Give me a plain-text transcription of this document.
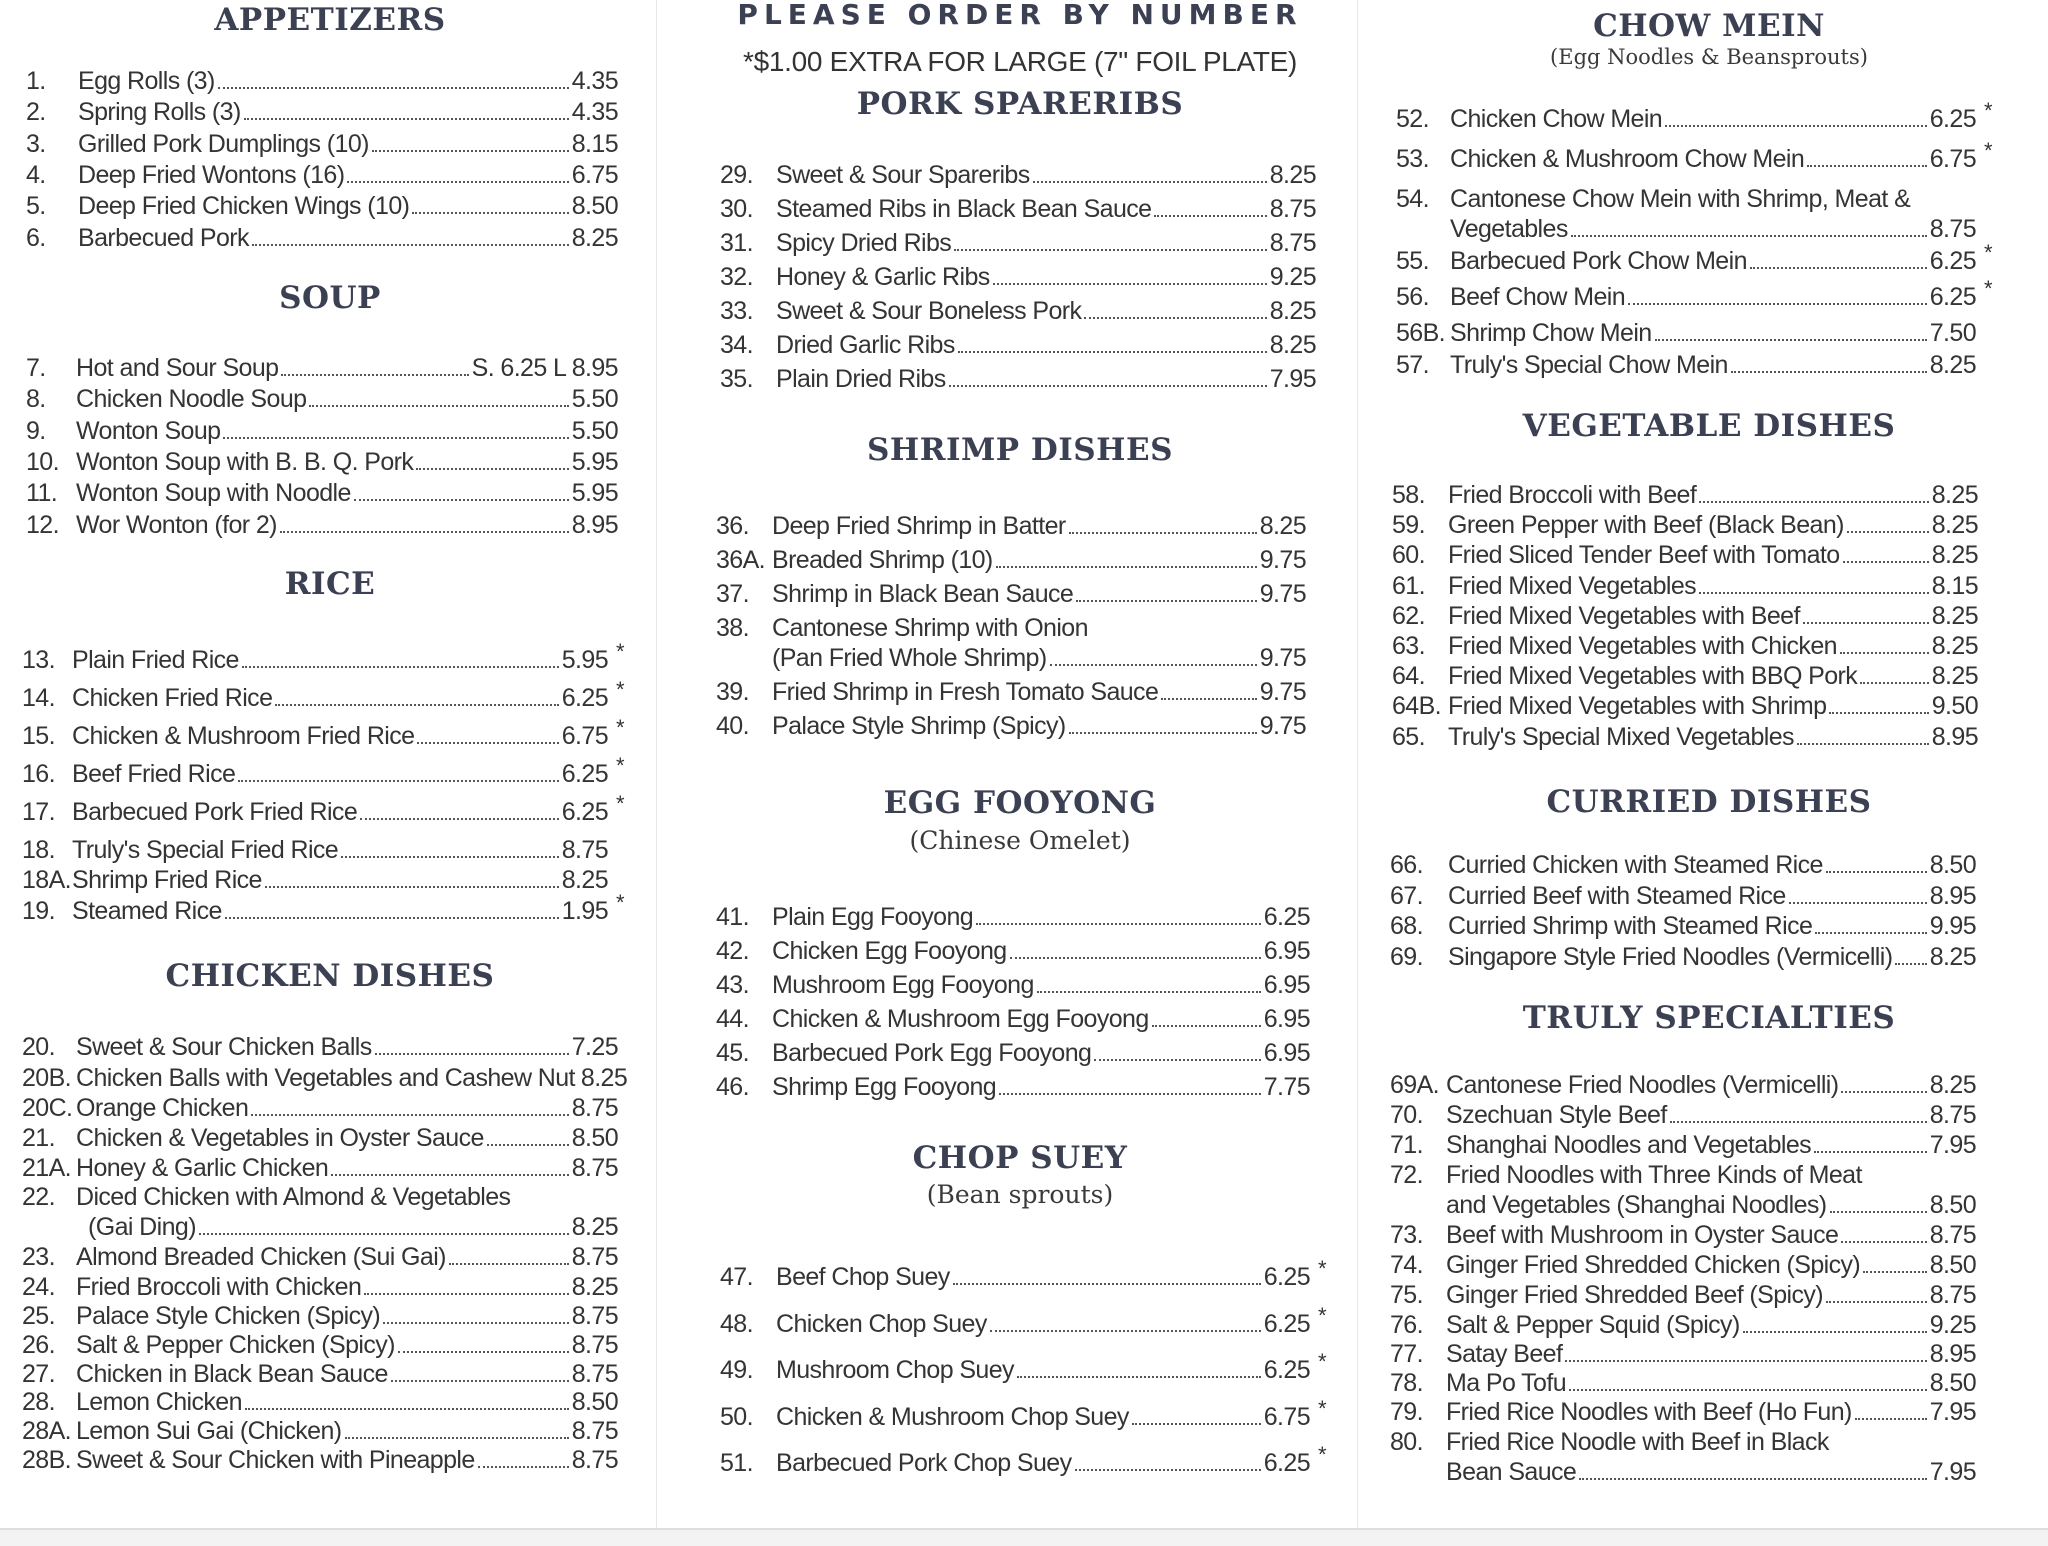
PLEASE ORDER BY NUMBER
*$1.00 EXTRA FOR LARGE (7" FOIL PLATE)
APPETIZERS
1.	Egg Rolls (3)	4.35
2.	Spring Rolls (3)	4.35
3.	Grilled Pork Dumplings (10)	8.15
4.	Deep Fried Wontons (16)	6.75
5.	Deep Fried Chicken Wings (10)	8.50
6.	Barbecued Pork	8.25
SOUP
7.	Hot and Sour Soup	S. 6.25 L 8.95
8.	Chicken Noodle Soup	5.50
9.	Wonton Soup	5.50
10. Wonton Soup with B. B. Q. Pork	5.95
11. Wonton Soup with Noodle	5.95
12. Wor Wonton (for 2)	8.95
RICE
13. Plain Fried Rice	5.95 *
14. Chicken Fried Rice	6.25 *
15. Chicken & Mushroom Fried Rice	6.75 *
16. Beef Fried Rice	6.25 *
17. Barbecued Pork Fried Rice	6.25 *
18. Truly's Special Fried Rice	8.75
18A. Shrimp Fried Rice	8.25
19. Steamed Rice	1.95 *
CHICKEN DISHES
20. Sweet & Sour Chicken Balls	7.25
20B. Chicken Balls with Vegetables and Cashew Nut 8.25
20C. Orange Chicken	8.75
21. Chicken & Vegetables in Oyster Sauce	8.50
21A. Honey & Garlic Chicken	8.75
22. Diced Chicken with Almond & Vegetables
(Gai Ding)	8.25
23. Almond Breaded Chicken (Sui Gai)	8.75
24. Fried Broccoli with Chicken	8.25
25. Palace Style Chicken (Spicy)	8.75
26. Salt & Pepper Chicken (Spicy)	8.75
27. Chicken in Black Bean Sauce	8.75
28. Lemon Chicken	8.50
28A. Lemon Sui Gai (Chicken)	8.75
28B. Sweet & Sour Chicken with Pineapple	8.75
PORK SPARERIBS
29. Sweet & Sour Spareribs	8.25
30. Steamed Ribs in Black Bean Sauce	8.75
31. Spicy Dried Ribs	8.75
32. Honey & Garlic Ribs	9.25
33. Sweet & Sour Boneless Pork	8.25
34. Dried Garlic Ribs	8.25
35. Plain Dried Ribs	7.95
SHRIMP DISHES
36. Deep Fried Shrimp in Batter	8.25
36A. Breaded Shrimp (10)	9.75
37. Shrimp in Black Bean Sauce	9.75
38. Cantonese Shrimp with Onion
(Pan Fried Whole Shrimp)	9.75
39. Fried Shrimp in Fresh Tomato Sauce	9.75
40. Palace Style Shrimp (Spicy)	9.75
EGG FOOYONG
(Chinese Omelet)
41. Plain Egg Fooyong	6.25
42. Chicken Egg Fooyong	6.95
43. Mushroom Egg Fooyong	6.95
44. Chicken & Mushroom Egg Fooyong	6.95
45. Barbecued Pork Egg Fooyong	6.95
46. Shrimp Egg Fooyong	7.75
CHOP SUEY
(Bean sprouts)
47. Beef Chop Suey	6.25 *
48. Chicken Chop Suey	6.25 *
49. Mushroom Chop Suey	6.25 *
50. Chicken & Mushroom Chop Suey	6.75 *
51. Barbecued Pork Chop Suey	6.25 *
CHOW MEIN
(Egg Noodles & Beansprouts)
52. Chicken Chow Mein	6.25 *
53. Chicken & Mushroom Chow Mein	6.75 *
54. Cantonese Chow Mein with Shrimp, Meat &
Vegetables	8.75
55. Barbecued Pork Chow Mein	6.25 *
56. Beef Chow Mein	6.25 *
56B. Shrimp Chow Mein	7.50
57. Truly's Special Chow Mein	8.25
VEGETABLE DISHES
58. Fried Broccoli with Beef	8.25
59. Green Pepper with Beef (Black Bean)	8.25
60. Fried Sliced Tender Beef with Tomato	8.25
61. Fried Mixed Vegetables	8.15
62. Fried Mixed Vegetables with Beef	8.25
63. Fried Mixed Vegetables with Chicken	8.25
64. Fried Mixed Vegetables with BBQ Pork	8.25
64B. Fried Mixed Vegetables with Shrimp	9.50
65. Truly's Special Mixed Vegetables	8.95
CURRIED DISHES
66.	Curried Chicken with Steamed Rice	8.50
67.	Curried Beef with Steamed Rice	8.95
68.	Curried Shrimp with Steamed Rice	9.95
69.	Singapore Style Fried Noodles (Vermicelli) 8.25
TRULY SPECIALTIES
69A. Cantonese Fried Noodles (Vermicelli)	8.25
70. Szechuan Style Beef	8.75
71. Shanghai Noodles and Vegetables	7.95
72. Fried Noodles with Three Kinds of Meat
and Vegetables (Shanghai Noodles)	8.50
73. Beef with Mushroom in Oyster Sauce	8.75
74. Ginger Fried Shredded Chicken (Spicy)	8.50
75. Ginger Fried Shredded Beef (Spicy)	8.75
76. Salt & Pepper Squid (Spicy)	9.25
77. Satay Beef	8.95
78. Ma Po Tofu	8.50
79. Fried Rice Noodles with Beef (Ho Fun)	7.95
80. Fried Rice Noodle with Beef in Black
Bean Sauce	7.95
